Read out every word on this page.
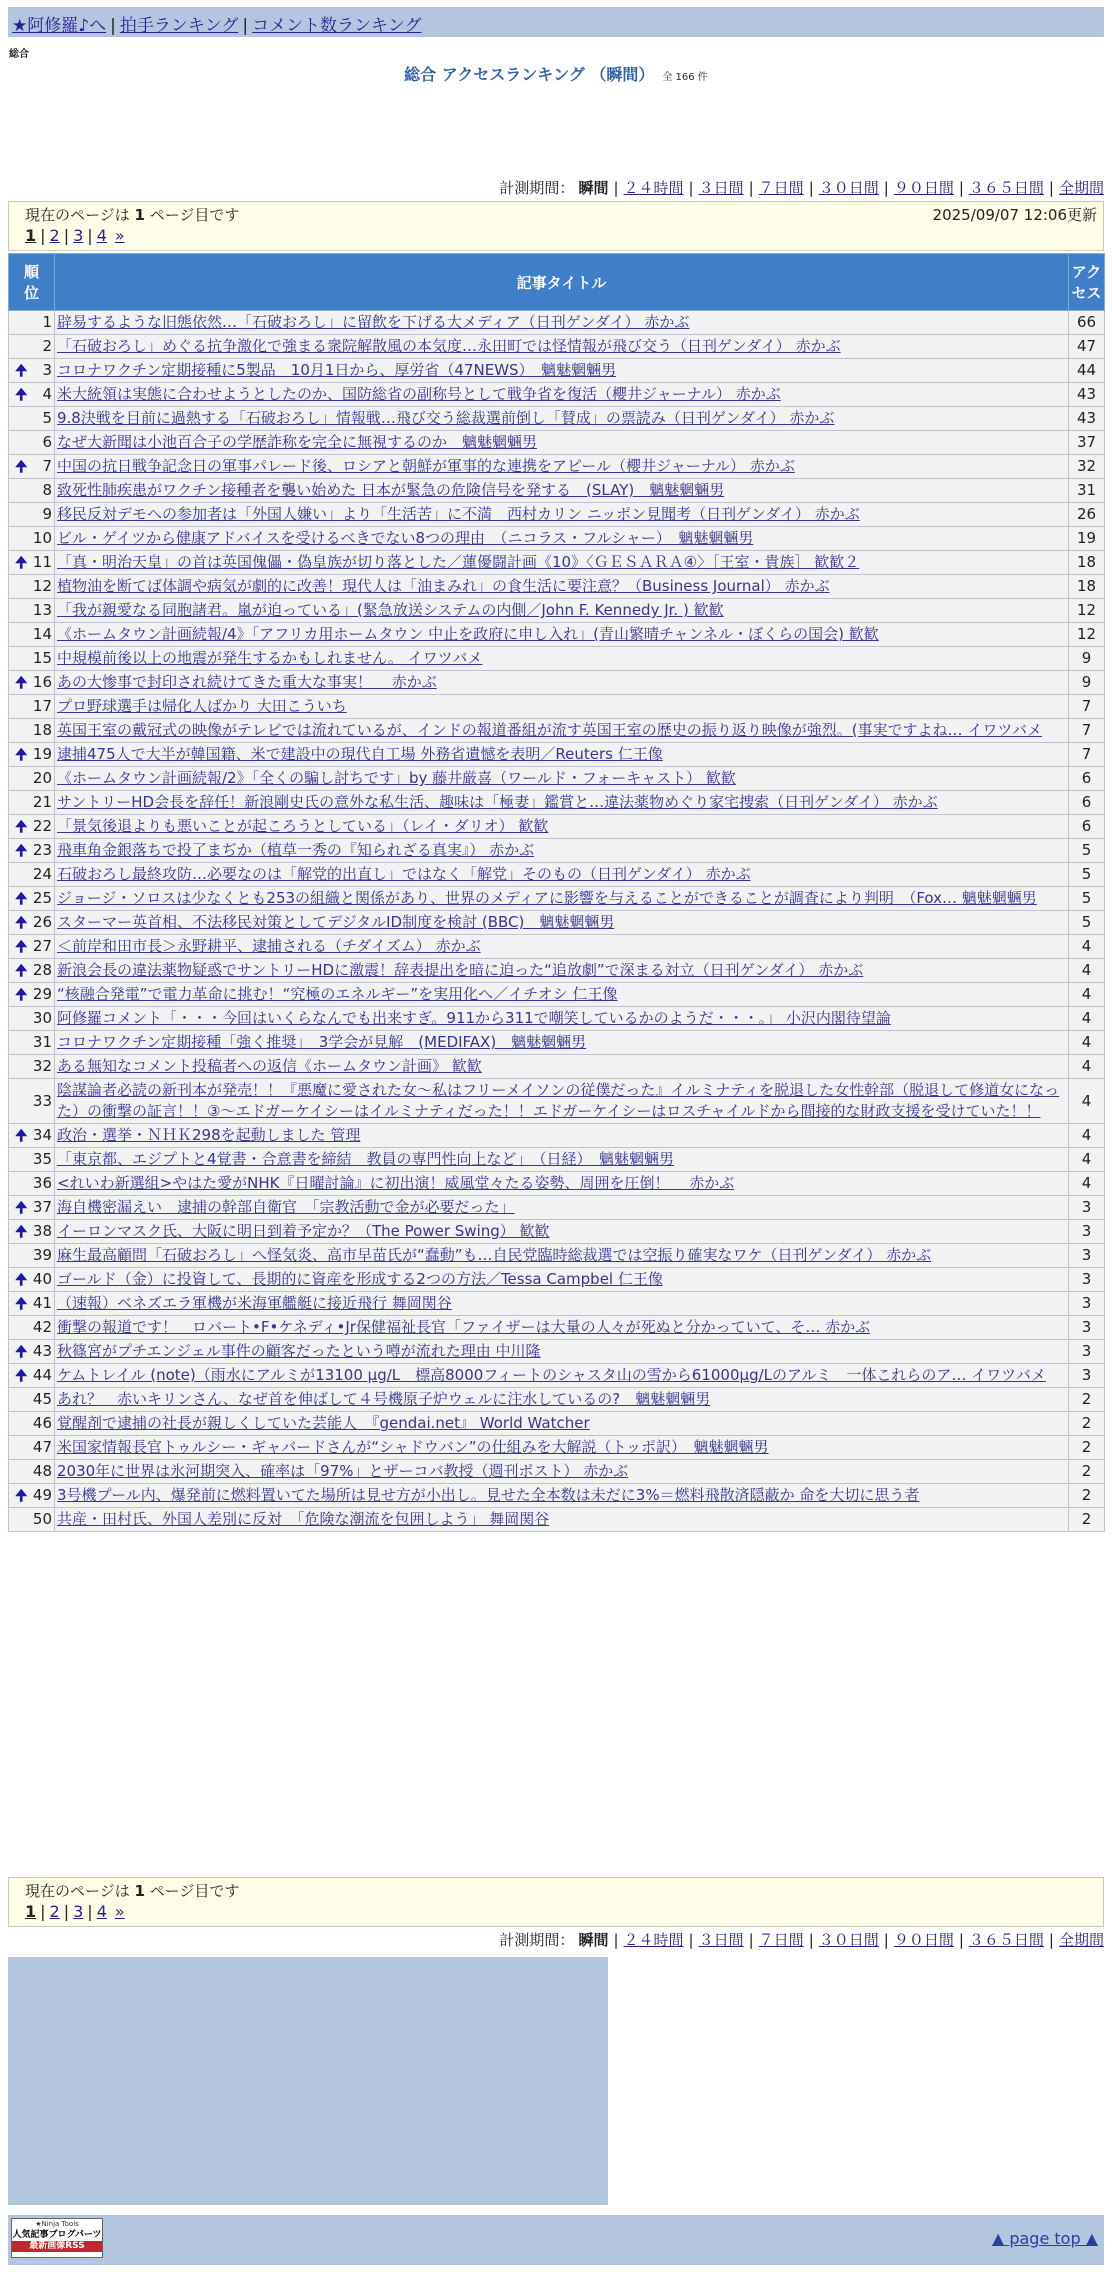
★阿修羅♪へ | 拍手ランキング | コメント数ランキング
総合
総合 アクセスランキング （瞬間） 全 166 件
計測期間： 瞬間 | ２４時間 | ３日間 | ７日間 | ３０日間 | ９０日間 | ３６５日間 | 全期間
現在のページは 1 ページ目です	2025/09/07 12:06更新
1 | 2 | 3 | 4 »
順位	記事タイトル	アクセス
1	辟易するような旧態依然…「石破おろし」に留飲を下げる大メディア（日刊ゲンダイ） 赤かぶ	66
2	「石破おろし」めぐる抗争激化で強まる衆院解散風の本気度…永田町では怪情報が飛び交う（日刊ゲンダイ） 赤かぶ	47

🠉 3	コロナワクチン定期接種に5製品　10月1日から、厚労省（47NEWS）　魑魅魍魎男	44

🠉 4	米大統領は実態に合わせようとしたのか、国防総省の副称号として戦争省を復活（櫻井ジャーナル） 赤かぶ	43
5	9.8決戦を目前に過熱する「石破おろし」情報戦…飛び交う総裁選前倒し「賛成」の票読み（日刊ゲンダイ） 赤かぶ	43
6	なぜ大新聞は小池百合子の学歴詐称を完全に無視するのか　魑魅魍魎男	37

🠉 7	中国の抗日戦争記念日の軍事パレード後、ロシアと朝鮮が軍事的な連携をアピール（櫻井ジャーナル） 赤かぶ	32
8	致死性肺疾患がワクチン接種者を襲い始めた 日本が緊急の危険信号を発する　(SLAY)　魑魅魍魎男	31
9	移民反対デモへの参加者は「外国人嫌い」より「生活苦」に不満　西村カリン ニッポン見聞考（日刊ゲンダイ） 赤かぶ	26
10	ビル・ゲイツから健康アドバイスを受けるべきでない8つの理由　（ニコラス・フルシャー）　魑魅魍魎男	19

🠉 11	「真・明治天皇」の首は英国傀儡・偽皇族が切り落とした／蓮優闘計画《10》〈ＧＥＳＡＲＡ④〉［王室・貴族］ 歓歓２	18
12	植物油を断てば体調や病気が劇的に改善！現代人は「油まみれ」の食生活に要注意？（Business Journal） 赤かぶ	18
13	「我が親愛なる同胞諸君。嵐が迫っている」(緊急放送システムの内側／John F. Kennedy Jr. ) 歓歓	12
14	《ホームタウン計画続報/4》「アフリカ用ホームタウン 中止を政府に申し入れ」(青山繁晴チャンネル・ぼくらの国会) 歓歓	12
15	中規模前後以上の地震が発生するかもしれません。 イワツバメ	9

🠉 16	あの大惨事で封印され続けてきた重大な事実！　 赤かぶ	9
17	プロ野球選手は帰化人ばかり 大田こういち	7
18	英国王室の戴冠式の映像がテレビでは流れているが、インドの報道番組が流す英国王室の歴史の振り返り映像が強烈。(事実ですよね… イワツバメ	7

🠉 19	逮捕475人で大半が韓国籍、米で建設中の現代自工場 外務省遺憾を表明／Reuters 仁王像	7
20	《ホームタウン計画続報/2》「全くの騙し討ちです」by 藤井厳喜（ワールド・フォーキャスト） 歓歓	6
21	サントリーHD会長を辞任！新浪剛史氏の意外な私生活、趣味は「極妻」鑑賞と…違法薬物めぐり家宅捜索（日刊ゲンダイ） 赤かぶ	6

🠉 22	「景気後退よりも悪いことが起ころうとしている」（レイ・ダリオ） 歓歓	6

🠉 23	飛車角金銀落ちで投了まぢか（植草一秀の『知られざる真実』） 赤かぶ	5
24	石破おろし最終攻防…必要なのは「解党的出直し」ではなく「解党」そのもの（日刊ゲンダイ） 赤かぶ	5

🠉 25	ジョージ・ソロスは少なくとも253の組織と関係があり、世界のメディアに影響を与えることができることが調査により判明　（Fox… 魑魅魍魎男	5

🠉 26	スターマー英首相、不法移民対策としてデジタルID制度を検討 (BBC)　魑魅魍魎男	5

🠉 27	＜前岸和田市長＞永野耕平、逮捕される（チダイズム） 赤かぶ	4

🠉 28	新浪会長の違法薬物疑惑でサントリーHDに激震！辞表提出を暗に迫った“追放劇”で深まる対立（日刊ゲンダイ） 赤かぶ	4

🠉 29	“核融合発電”で電力革命に挑む！“究極のエネルギー”を実用化へ／イチオシ 仁王像	4
30	阿修羅コメント「・・・今回はいくらなんでも出来すぎ。911から311で嘲笑しているかのようだ・・・。」 小沢内閣待望論	4
31	コロナワクチン定期接種「強く推奨」　3学会が見解　(MEDIFAX)　魑魅魍魎男	4
32	ある無知なコメント投稿者への返信《ホームタウン計画》 歓歓	4
33	陰謀論者必読の新刊本が発売！！『悪魔に愛された女〜私はフリーメイソンの従僕だった』イルミナティを脱退した女性幹部（脱退して修道女になった）の衝撃の証言！！③〜エドガーケイシーはイルミナティだった！！エドガーケイシーはロスチャイルドから間接的な財政支援を受けていた！！	4

🠉 34	政治・選挙・ＮＨＫ298を起動しました 管理	4
35	「東京都、エジプトと4覚書・合意書を締結　教員の専門性向上など」　（日経）　魑魅魍魎男	4
36	<れいわ新選組>やはた愛がNHK『日曜討論』に初出演！威風堂々たる姿勢、周囲を圧倒！　 赤かぶ	4

🠉 37	海自機密漏えい　逮捕の幹部自衛官　「宗教活動で金が必要だった」	3

🠉 38	イーロンマスク氏、大阪に明日到着予定か？（The Power Swing） 歓歓	3
39	麻生最高顧問「石破おろし」へ怪気炎、高市早苗氏が“蠢動”も…自民党臨時総裁選では空振り確実なワケ（日刊ゲンダイ） 赤かぶ	3

🠉 40	ゴールド（金）に投資して、長期的に資産を形成する2つの方法／Tessa Campbel 仁王像	3

🠉 41	（速報）ベネズエラ軍機が米海軍艦艇に接近飛行 舞岡関谷	3
42	衝撃の報道です！　ロバート•F•ケネディ•Jr保健福祉長官「ファイザーは大量の人々が死ぬと分かっていて、そ… 赤かぶ	3

🠉 43	秋篠宮がプチエンジェル事件の顧客だったという噂が流れた理由 中川隆	3

🠉 44	ケムトレイル (note)（雨水にアルミが13100 μg/L　標高8000フィートのシャスタ山の雪から61000μg/Lのアルミ　一体これらのア… イワツバメ	3
45	あれ？　赤いキリンさん、なぜ首を伸ばして４号機原子炉ウェルに注水しているの?　魑魅魍魎男	2
46	覚醒剤で逮捕の社長が親しくしていた芸能人　『gendai.net』 World Watcher	2
47	米国家情報長官トゥルシー・ギャバードさんが“シャドウバン”の仕組みを大解説（トッポ訳）　魑魅魍魎男	2
48	2030年に世界は氷河期突入、確率は「97%」とザーコバ教授（週刊ポスト） 赤かぶ	2

🠉 49	3号機プール内、爆発前に燃料置いてた場所は見せ方が小出し。見せた全本数は未だに3%＝燃料飛散済隠蔽か 命を大切に思う者	2
50	共産・田村氏、外国人差別に反対　「危険な潮流を包囲しよう」 舞岡関谷	2
現在のページは 1 ページ目です
1 | 2 | 3 | 4 »
計測期間： 瞬間 | ２４時間 | ３日間 | ７日間 | ３０日間 | ９０日間 | ３６５日間 | 全期間
★Ninja Tools
人気記事ブログパーツ
最新画像RSS	▲ page top ▲
